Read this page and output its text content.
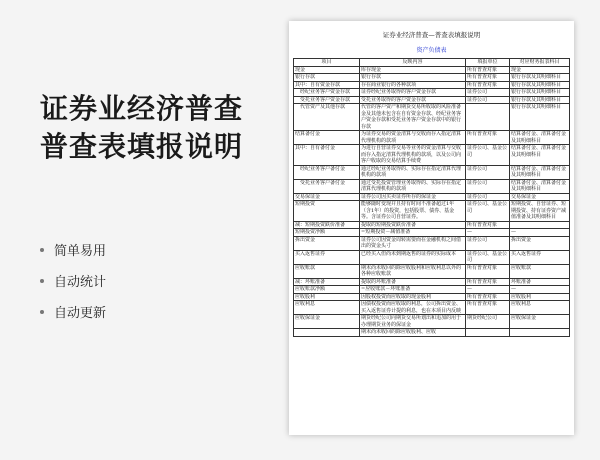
证券业经济普查
普查表填报说明
简单易用
自动统计
自动更新
证券业经济普查—普查表填报说明
资产负债表
项目	反映内容	填报单位	对应财务报表科目
现金	库存现金	所有普查对象	现金
银行存款	银行存款	所有普查对象	银行存款及其明细科目
其中：自有资金存款	存在商业银行的各种款项	所有普查对象	银行存款及其明细科目
经纪业务客户资金存款	证券经纪业务取得的客户资金存款	证券公司	银行存款及其明细科目
受托业务客户资金存款	受托业务取得的客户资金存款	证券公司	银行存款及其明细科目
代管资产及其他存款	代管的客户资产和期货交易所收取的风险准备金及其他未包含在自有资金存款、经纪业务客户资金存款和受托业务客户资金存款中的银行存款		银行存款及其明细科目
结算备付金	为证券交易的资金清算与交收而存入指定清算代理机构的款项	所有普查对象	结算备付金、清算备付金及其明细科目
其中：自有备付金	为进行自营证券交易等业务的资金清算与交收而存入指定清算代理机构的款项，以及公司向客户收取的交易结算手续费	证券公司、基金公司	结算备付金、清算备付金及其明细科目
经纪业务客户备付金	通过经纪业务取得的、实际存在指定清算代理机构的款项	证券公司	结算备付金、清算备付金及其明细科目
受托业务客户备付金	通过受托投资管理业务取得的、实际存在指定清算代理机构的款项	证券公司	结算备付金、清算备付金及其明细科目
交易保证金	证券公司因买卖证券所存的保证金	证券公司	交易保证金
短期投资	能够随时变现并且持有时间不准备超过1年（含1年）的投资，包括股票、债券、基金等。含证券公司自营证券。	证券公司、基金公司	短期投资、自营证券、短期投资、持有证券资产减值准备及其明细科目
减：短期投资跌价准备	提取的短期投资跌价准备	所有普查对象	
短期投资净额	=短期投资－减值准备	—	—
拆出资金	证券公司因资金周转需要而在金融机构之间借出的资金头寸	证券公司	拆出资金
买入返售证券	已经买入但尚未到期返售的证券的实际成本	证券公司、基金公司	买入返售证券
应收账款	期末尚未收回的除应收股利和应收利息以外的各种应收账款	所有普查对象	应收账款
减：坏账准备	提取的坏账准备	所有普查对象	坏账准备
应收账款净额	=应收账款－坏账准备	—	—
应收股利	因股权投资而应收取的现金股利	所有普查对象	应收股利
应收利息	因债权投资而应收取的利息，公司拆出资金、买入返售证券计提的利息，也在本项目内反映	所有普查对象	应收利息
应收保证金	期货经纪公司向期货交易所划出和追加的用于办理期货业务的保证金	期货经纪公司	应收保证金
	期末尚未收回的除应收股利、应收		
